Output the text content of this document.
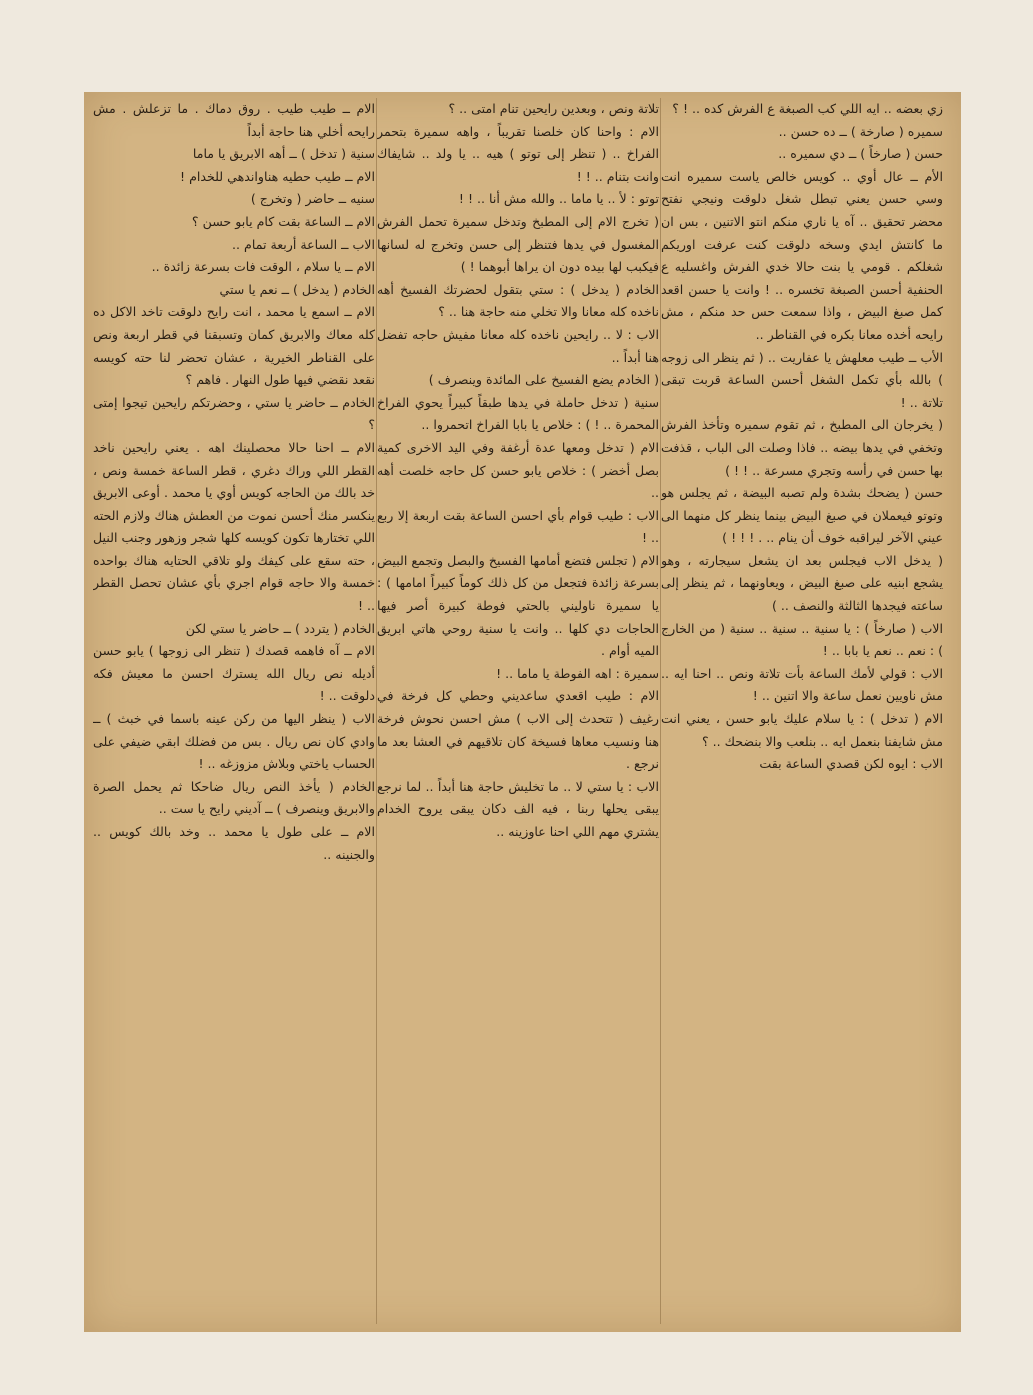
زي بعضه .. ايه اللي كب الصبغة ع الفرش كده .. ! ؟

سميره ( صارخة ) ــ ده حسن ..

حسن ( صارخاً ) ــ دي سميره ..

الأم ــ عال أوي .. كويس خالص ياست سميره انت وسي حسن يعني تبطل شغل دلوقت ونيجي نفتح محضر تحقيق .. آه يا ناري منكم انتو الاتنين ، بس ان ما كانتش ايدي وسخه دلوقت كنت عرفت اوريكم شغلكم . قومي يا بنت حالا خدي الفرش واغسليه ع الحنفية أحسن الصبغة تخسره .. ! وانت يا حسن اقعد كمل صبغ البيض ، واذا سمعت حس حد منكم ، مش رايحه أخده معانا بكره في القناطر ..

الأب ــ طيب معلهش يا عفاريت .. ( ثم ينظر الى زوجه ) بالله بأي تكمل الشغل أحسن الساعة قربت تبقى تلاتة .. !

( يخرجان الى المطبخ ، ثم تقوم سميره وتأخذ الفرش وتخفي في يدها بيضه .. فاذا وصلت الى الباب ، قذفت بها حسن في رأسه وتجري مسرعة .. ! ! )

حسن ( يضحك بشدة ولم تصبه البيضة ، ثم يجلس هو وتوتو فيعملان في صبغ البيض بينما ينظر كل منهما الى عيني الآخر ليراقبه خوف أن ينام .. . ! ! ! )

( يدخل الاب فيجلس بعد ان يشعل سيجارته ، وهو يشجع ابنيه على صبغ البيض ، ويعاونهما ، ثم ينظر إلى ساعته فيجدها الثالثة والنصف .. )

الاب ( صارخاً ) : يا سنية .. سنية .. سنية ( من الخارج ) : نعم .. نعم يا بابا .. !

الاب : قولي لأمك الساعة بأت تلاتة ونص .. احنا ايه .. مش ناويين نعمل ساعة والا اتنين .. !

الام ( تدخل ) : يا سلام عليك يابو حسن ، يعني انت مش شايفنا بنعمل ايه .. بنلعب والا بنضحك .. ؟

الاب : ايوه لكن قصدي الساعة بقت

تلاتة ونص ، وبعدين رايحين تنام امتى .. ؟

الام : واحنا كان خلصنا تقريباً ، واهه سميرة بتحمر الفراخ .. ( تنظر إلى توتو ) هيه .. يا ولد .. شايفاك وانت بتنام .. ! !

توتو : لأ .. يا ماما .. والله مش أنا .. ! !

( تخرج الام إلى المطبخ وتدخل سميرة تحمل الفرش المغسول في يدها فتنظر إلى حسن وتخرج له لسانها فيكبب لها بيده دون ان يراها أبوهما ! )

الخادم ( يدخل ) : ستي بتقول لحضرتك الفسيخ أهه ناخده كله معانا والا تخلي منه حاجة هنا .. ؟

الاب : لا .. رايحين ناخده كله معانا مفيش حاجه تفضل هنا أبداً ..

( الخادم يضع الفسيخ على المائدة وينصرف )

سنية ( تدخل حاملة في يدها طبقاً كبيراً يحوي الفراخ المحمرة .. ! ) : خلاص يا بابا الفراخ اتحمروا ..

الام ( تدخل ومعها عدة أرغفة وفي اليد الاخرى كمية بصل أخضر ) : خلاص يابو حسن كل حاجه خلصت أهه ..

الاب : طيب قوام بأي احسن الساعة بقت اربعة إلا ربع .. !

الام ( تجلس فتضع أمامها الفسيخ والبصل وتجمع البيض بسرعة زائدة فتجعل من كل ذلك كوماً كبيراً امامها ) : يا سميرة ناوليني بالحتي فوطة كبيرة أصر فيها الحاجات دي كلها .. وانت يا سنية روحي هاتي ابريق الميه أوام .

سميرة : اهه الفوطة يا ماما .. !

الام : طيب اقعدي ساعديني وحطي كل فرخة في رغيف ( تتحدث إلى الاب ) مش احسن نحوش فرخة هنا ونسيب معاها فسيخة كان تلاقيهم في العشا بعد ما نرجع .

الاب : يا ستي لا .. ما تخليش حاجة هنا أبداً .. لما نرجع يبقى يحلها ربنا ، فيه الف دكان يبقى يروح الخدام يشتري مهم اللي احنا عاوزينه ..

الام ــ طيب طيب . روق دماك . ما تزعلش . مش رايحه أخلي هنا حاجة أبداً

سنية ( تدخل ) ــ أهه الابريق يا ماما

الام ــ طيب حطيه هناواندهي للخدام !

سنيه ــ حاضر ( وتخرج )

الام ــ الساعة بقت كام يابو حسن ؟

الاب ــ الساعة أربعة تمام ..

الام ــ يا سلام ، الوقت فات بسرعة زائدة ..

الخادم ( يدخل ) ــ نعم يا ستي

الام ــ اسمع يا محمد ، انت رايح دلوقت تاخد الاكل ده كله معاك والابريق كمان وتسبقنا في قطر اربعة ونص على القناطر الخيرية ، عشان تحضر لنا حته كويسه نقعد نقضي فيها طول النهار . فاهم ؟

الخادم ــ حاضر يا ستي ، وحضرتكم رايحين تيجوا إمتى ؟

الام ــ احنا حالا محصلينك اهه . يعني رايحين ناخد القطر اللي وراك دغري ، قطر الساعة خمسة ونص ، خد بالك من الحاجه كويس أوي يا محمد . أوعى الابريق ينكسر منك أحسن نموت من العطش هناك ولازم الحته اللي تختارها تكون كويسه كلها شجر وزهور وجنب النيل ، حته سقع على كيفك ولو تلاقي الحتايه هناك بواحده خمسة والا حاجه قوام اجري بأي عشان تحصل القطر .. !

الخادم ( يتردد ) ــ حاضر يا ستي لكن

الام ــ آه فاهمه قصدك ( تنظر الى زوجها ) يابو حسن أديله نص ريال الله يسترك احسن ما معيش فكه دلوقت .. !

الاب ( ينظر اليها من ركن عينه باسما في خبث ) ــ وادي كان نص ريال . بس من فضلك ابقي ضيفي على الحساب ياختي وبلاش مزوزغه .. !

الخادم ( يأخذ النص ريال ضاحكا ثم يحمل الصرة والابريق وينصرف ) ــ آديني رايح يا ست ..

الام ــ على طول يا محمد .. وخد بالك كويس .. والجنينه ..
